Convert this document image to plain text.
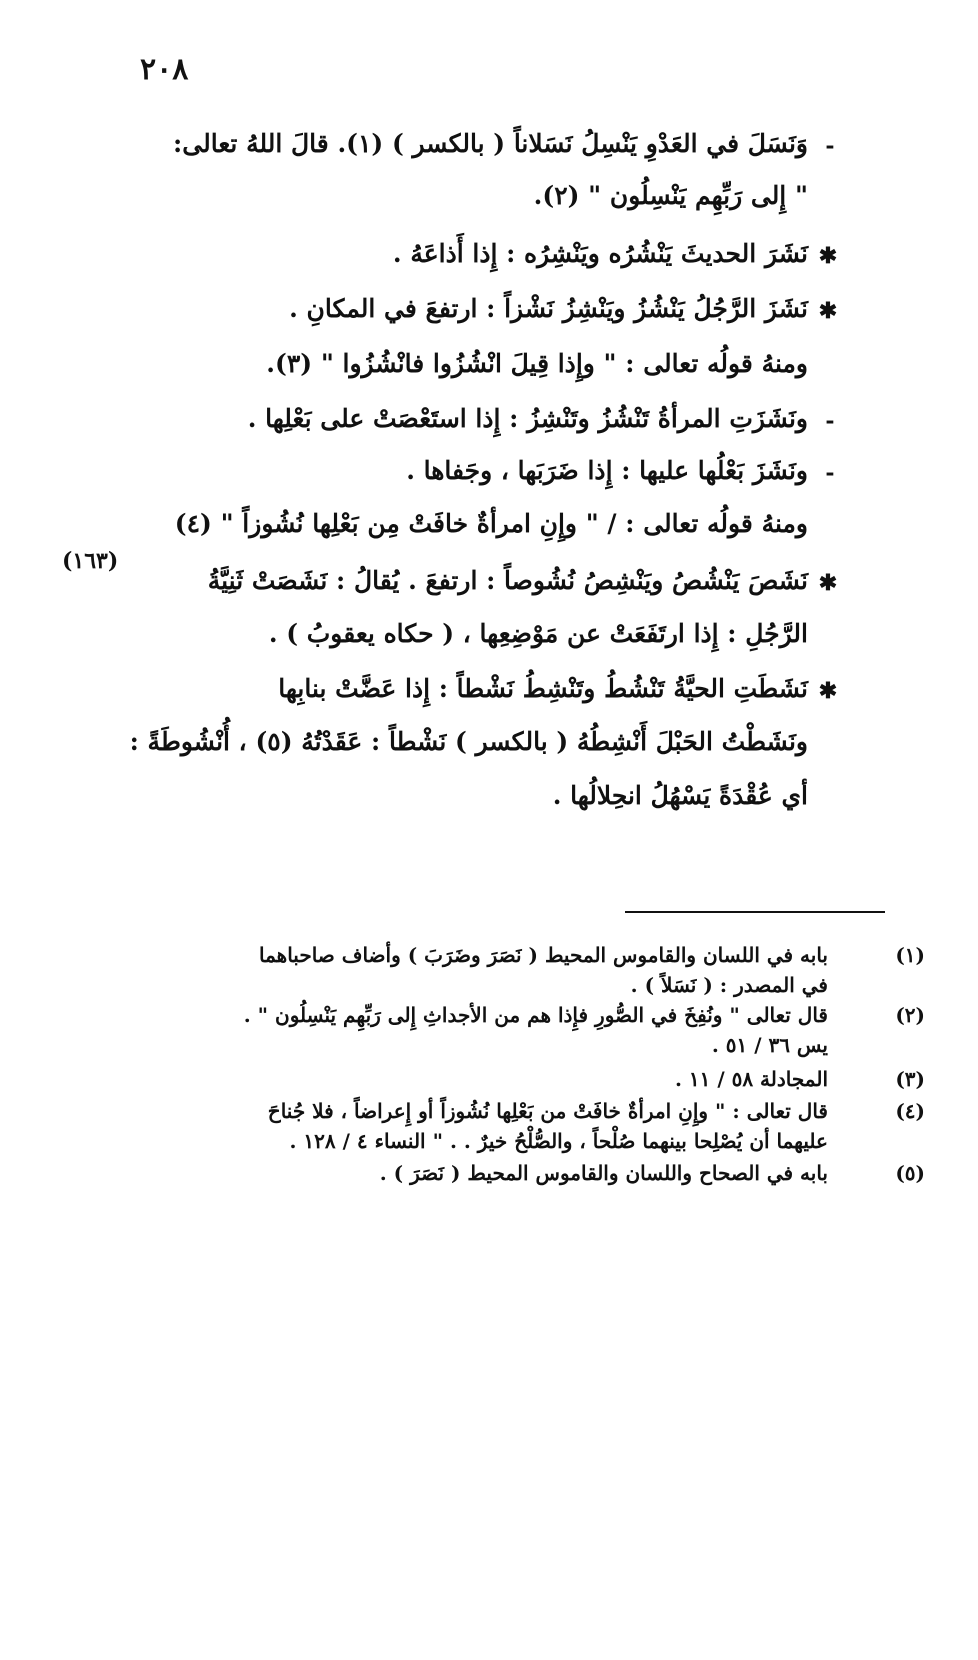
٢٠٨
-
✱
✱
-
-
✱
✱
وَنَسَلَ في العَدْوِ يَنْسِلُ نَسَلاناً ( بالكسر ) (١). قالَ اللهُ تعالى:
" إِلى رَبِّهِم يَنْسِلُون " (٢).
نَشَرَ الحديثَ يَنْشُرُه ويَنْشِرُه : إِذا أَذاعَهُ .
نَشَزَ الرَّجُلُ يَنْشُزُ ويَنْشِزُ نَشْزاً : ارتفعَ في المكانِ .
ومنهُ قولُه تعالى : " وإِذا قِيلَ انْشُزُوا فانْشُزُوا " (٣).
ونَشَزَتِ المرأةُ تَنْشُزُ وتَنْشِزُ : إِذا استَعْصَتْ على بَعْلِها .
ونَشَزَ بَعْلُها عليها : إِذا ضَرَبَها ، وجَفاها .
ومنهُ قولُه تعالى : / " وإِنِ امرأةٌ خافَتْ مِن بَعْلِها نُشُوزاً " (٤)
نَشَصَ يَنْشُصُ ويَنْشِصُ نُشُوصاً : ارتفعَ . يُقالُ : نَشَصَتْ ثَنِيَّةُ
الرَّجُلِ : إِذا ارتَفَعَتْ عن مَوْضِعِها ، ( حكاه يعقوبُ ) .
نَشَطَتِ الحيَّةُ تَنْشُطُ وتَنْشِطُ نَشْطاً : إِذا عَضَّتْ بنابِها
ونَشَطْتُ الحَبْلَ أَنْشِطُهُ ( بالكسر ) نَشْطاً : عَقَدْتُهُ (٥) ، أُنْشُوطَةً :
أي عُقْدَةً يَسْهُلُ انحِلالُها .
(١٦٣)
(١)
بابه في اللسان والقاموس المحيط ( نَصَرَ وضَرَبَ ) وأضاف صاحباهما
في المصدر : ( نَسَلاً ) .
(٢)
قال تعالى " ونُفِخَ في الصُّورِ فإِذا هم من الأجداثِ إِلى رَبِّهِم يَنْسِلُون " .
يس ٣٦ / ٥١ .
(٣)
المجادلة ٥٨ / ١١ .
(٤)
قال تعالى : " وإِنِ امرأةٌ خافَتْ من بَعْلِها نُشُوزاً أو إِعراضاً ، فلا جُناحَ
عليهما أن يُصْلِحا بينهما صُلْحاً ، والصُّلْحُ خيرٌ . . " النساء ٤ / ١٢٨ .
(٥)
بابه في الصحاح واللسان والقاموس المحيط ( نَصَرَ ) .
